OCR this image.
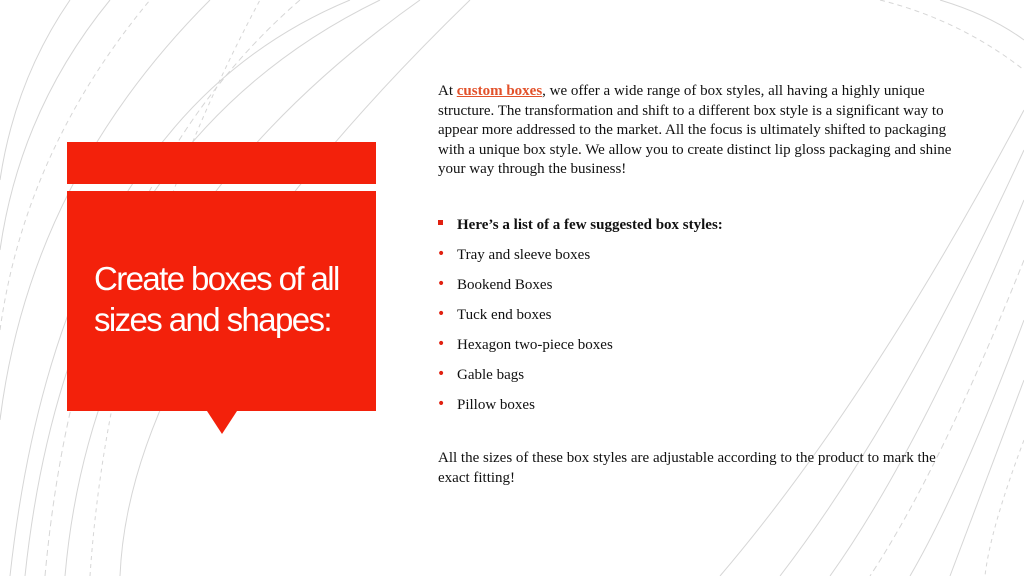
Create boxes of all sizes and shapes:

At custom boxes, we offer a wide range of box styles, all having a highly unique structure. The transformation and shift to a different box style is a significant way to appear more addressed to the market. All the focus is ultimately shifted to packaging with a unique box style. We allow you to create distinct lip gloss packaging and shine your way through the business!

Here’s a list of a few suggested box styles:
• Tray and sleeve boxes
• Bookend Boxes
• Tuck end boxes
• Hexagon two-piece boxes
• Gable bags
• Pillow boxes

All the sizes of these box styles are adjustable according to the product to mark the exact fitting!
